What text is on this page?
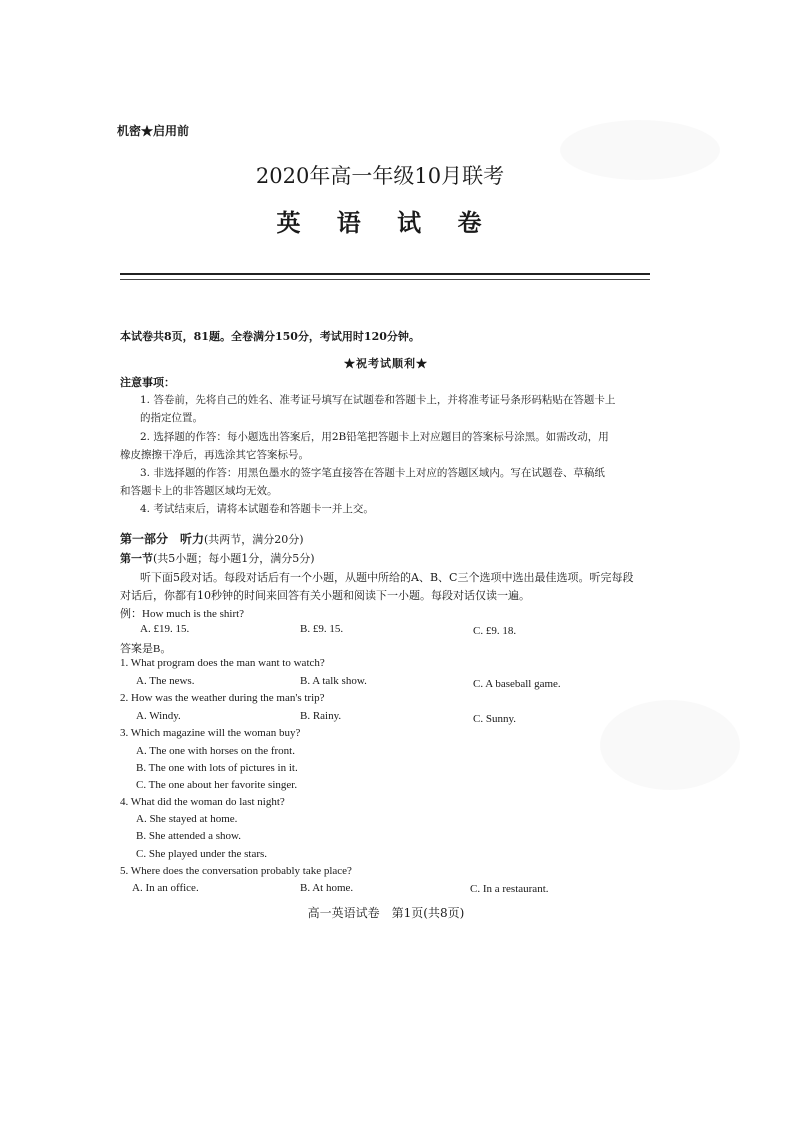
机密★启用前
2020年高一年级10月联考
英 语 试 卷
本试卷共8页，81题。全卷满分150分，考试用时120分钟。
★祝考试顺利★
注意事项：
1. 答卷前，先将自己的姓名、准考证号填写在试题卷和答题卡上，并将准考证号条形码粘贴在答题卡上
的指定位置。
2. 选择题的作答：每小题选出答案后，用2B铅笔把答题卡上对应题目的答案标号涂黑。如需改动，用
橡皮擦擦干净后，再选涂其它答案标号。
3. 非选择题的作答：用黑色墨水的签字笔直接答在答题卡上对应的答题区域内。写在试题卷、草稿纸
和答题卡上的非答题区域均无效。
4. 考试结束后，请将本试题卷和答题卡一并上交。
第一部分　听力(共两节，满分20分)
第一节(共5小题；每小题1分，满分5分)
听下面5段对话。每段对话后有一个小题，从题中所给的A、B、C三个选项中选出最佳选项。听完每段
对话后，你都有10秒钟的时间来回答有关小题和阅读下一小题。每段对话仅读一遍。
例：How much is the shirt?
A. £19. 15.	B. £9. 15.	C. £9. 18.
答案是B。
1. What program does the man want to watch?
A. The news.	B. A talk show.	C. A baseball game.
2. How was the weather during the man's trip?
A. Windy.	B. Rainy.	C. Sunny.
3. Which magazine will the woman buy?
A. The one with horses on the front.
B. The one with lots of pictures in it.
C. The one about her favorite singer.
4. What did the woman do last night?
A. She stayed at home.
B. She attended a show.
C. She played under the stars.
5. Where does the conversation probably take place?
A. In an office.	B. At home.	C. In a restaurant.
高一英语试卷　第1页(共8页)
